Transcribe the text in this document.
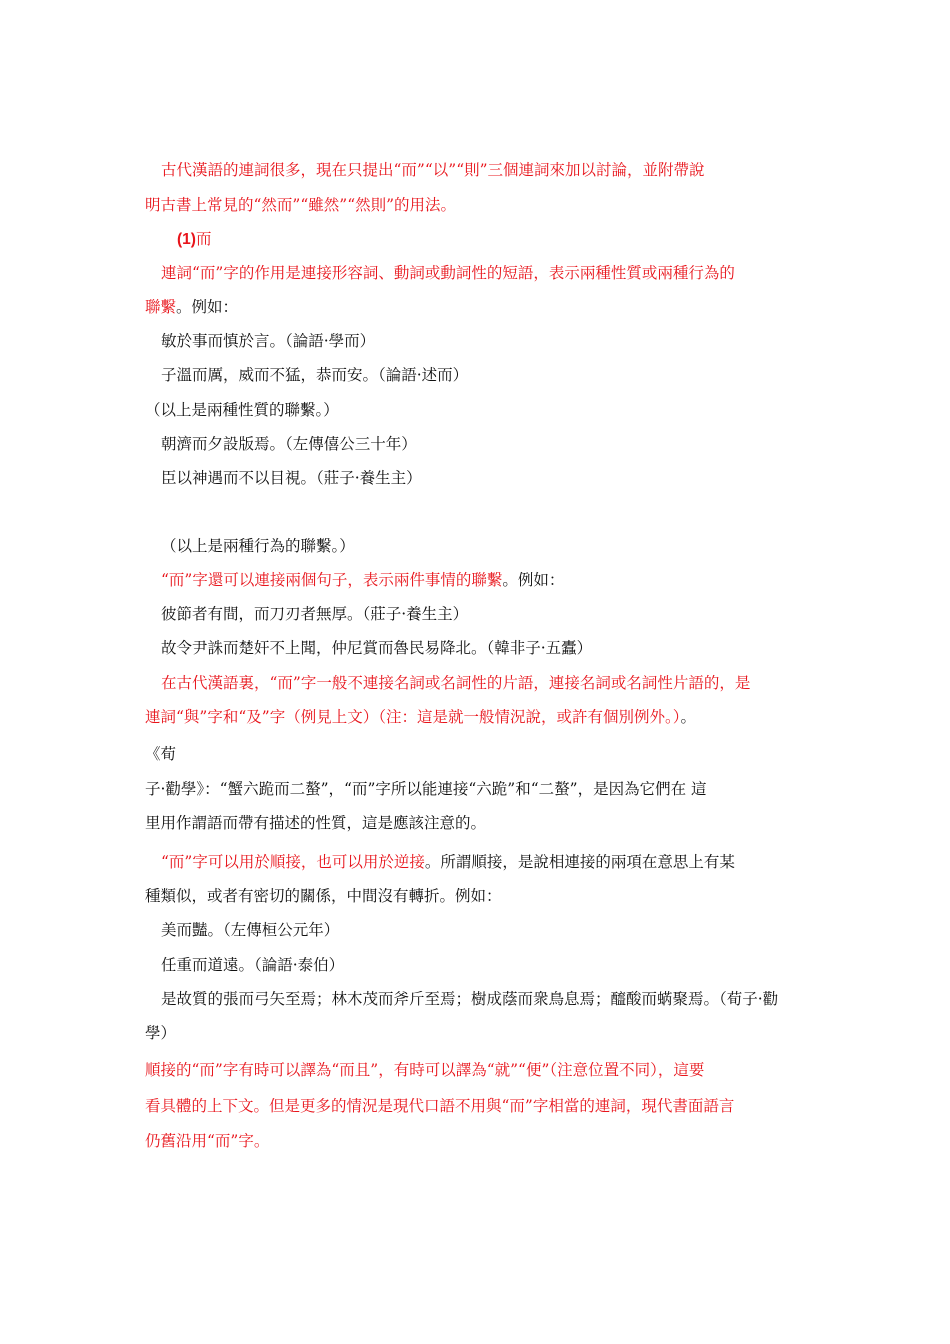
古代漢語的連詞很多，現在只提出“而”“以”“則”三個連詞來加以討論，並附帶說
明古書上常見的“然而”“雖然”“然則”的用法。
(1)而
連詞“而”字的作用是連接形容詞、動詞或動詞性的短語，表示兩種性質或兩種行為的
聯繫。例如：
敏於事而慎於言。（論語·學而）
子溫而厲，威而不猛，恭而安。（論語·述而）
（以上是兩種性質的聯繫。）
朝濟而夕設版焉。（左傳僖公三十年）
臣以神遇而不以目視。（莊子·養生主）
（以上是兩種行為的聯繫。）
“而”字還可以連接兩個句子，表示兩件事情的聯繫。例如：
彼節者有間，而刀刃者無厚。（莊子·養生主）
故令尹誅而楚奸不上聞，仲尼賞而魯民易降北。（韓非子·五蠹）
在古代漢語裏，“而”字一般不連接名詞或名詞性的片語，連接名詞或名詞性片語的，是
連詞“與”字和“及”字（例見上文）（注：這是就一般情況說，或許有個別例外。）。
《荀
子·勸學》：“蟹六跪而二螯”，“而”字所以能連接“六跪”和“二螯”，是因為它們在 這
里用作謂語而帶有描述的性質，這是應該注意的。
“而”字可以用於順接，也可以用於逆接。所謂順接，是說相連接的兩項在意思上有某
種類似，或者有密切的關係，中間沒有轉折。例如：
美而豔。（左傳桓公元年）
任重而道遠。（論語·泰伯）
是故質的張而弓矢至焉；林木茂而斧斤至焉；樹成蔭而衆鳥息焉；醯酸而蜹聚焉。（荀子·勸
學）
順接的“而”字有時可以譯為“而且”，有時可以譯為“就”“便”（注意位置不同），這要
看具體的上下文。但是更多的情況是現代口語不用與“而”字相當的連詞，現代書面語言
仍舊沿用“而”字。
